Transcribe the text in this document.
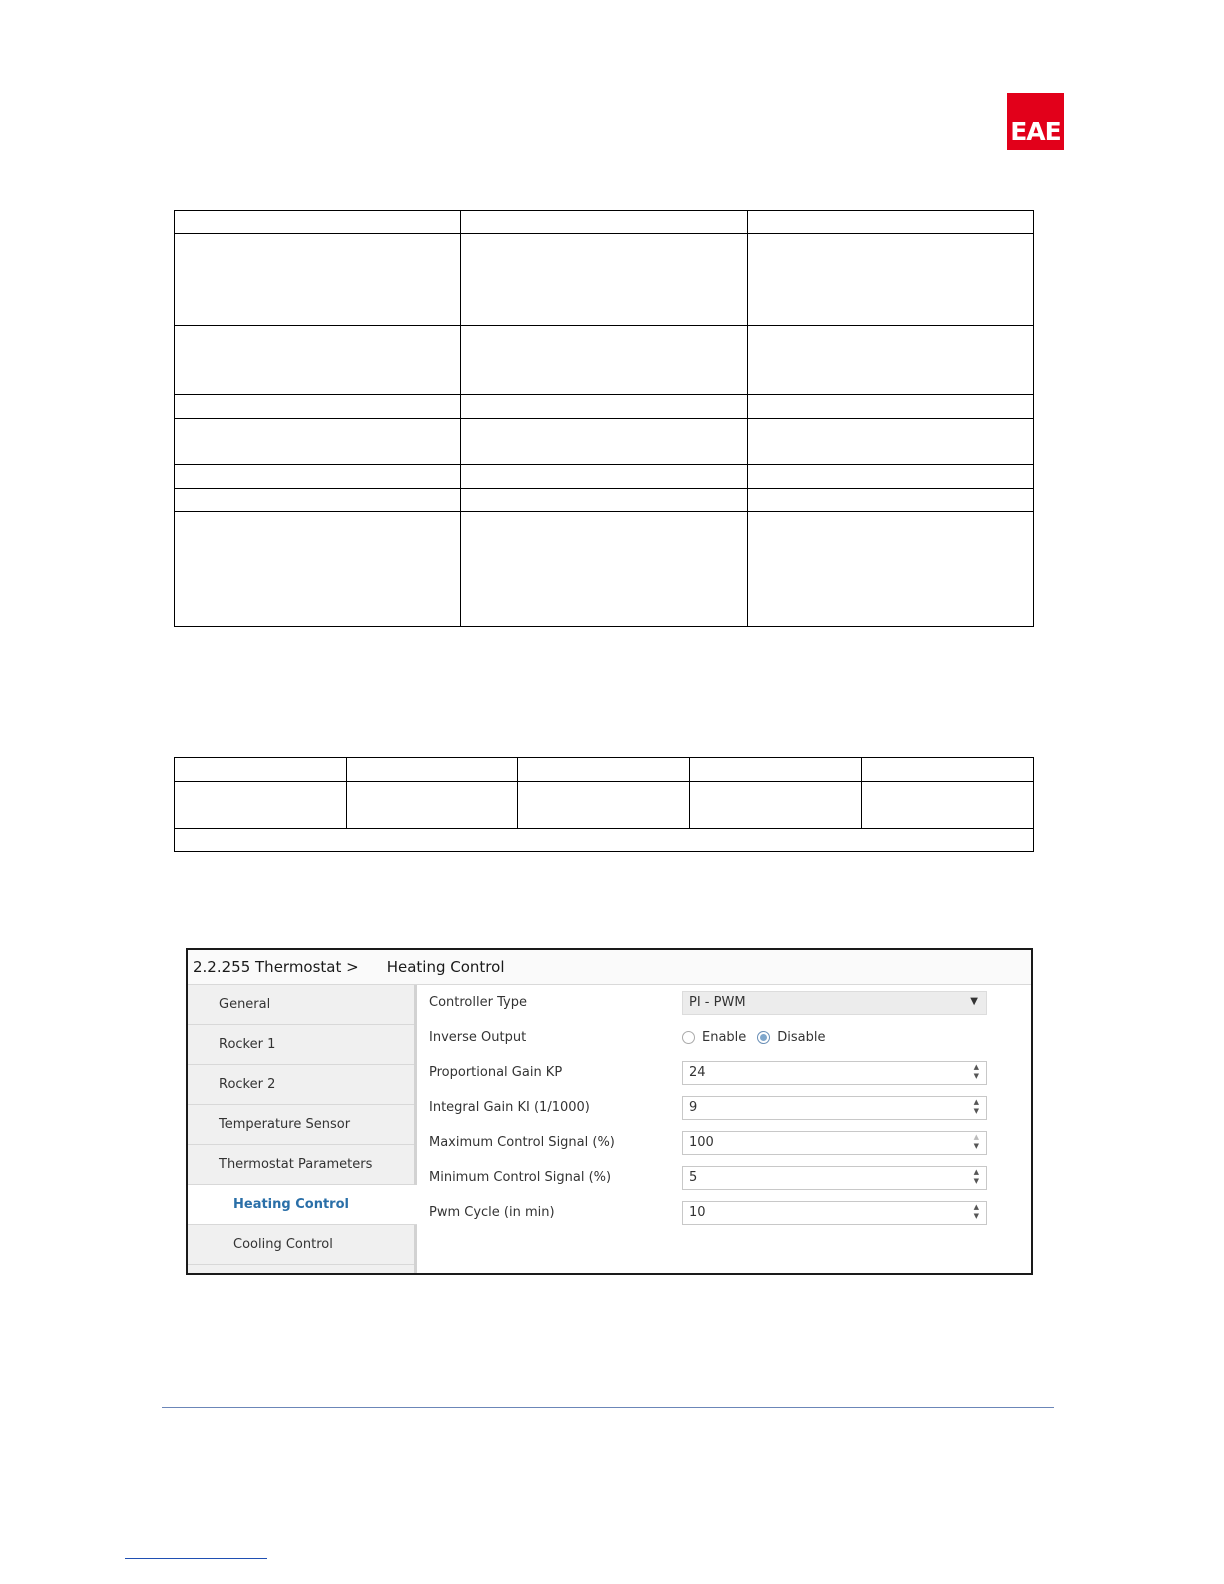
EAE

2.2.255 Thermostat > Heating Control
General
Rocker 1
Rocker 2
Temperature Sensor
Thermostat Parameters
Heating Control
Cooling Control
Controller Type	PI - PWM	▼
Inverse Output	Enable Disable
Proportional Gain KP	24	▲
▼
Integral Gain KI (1/1000)	9	▲
▼
Maximum Control Signal (%)	100	▲
▼
Minimum Control Signal (%)	5	▲
▼
Pwm Cycle (in min)	10	▲
▼
